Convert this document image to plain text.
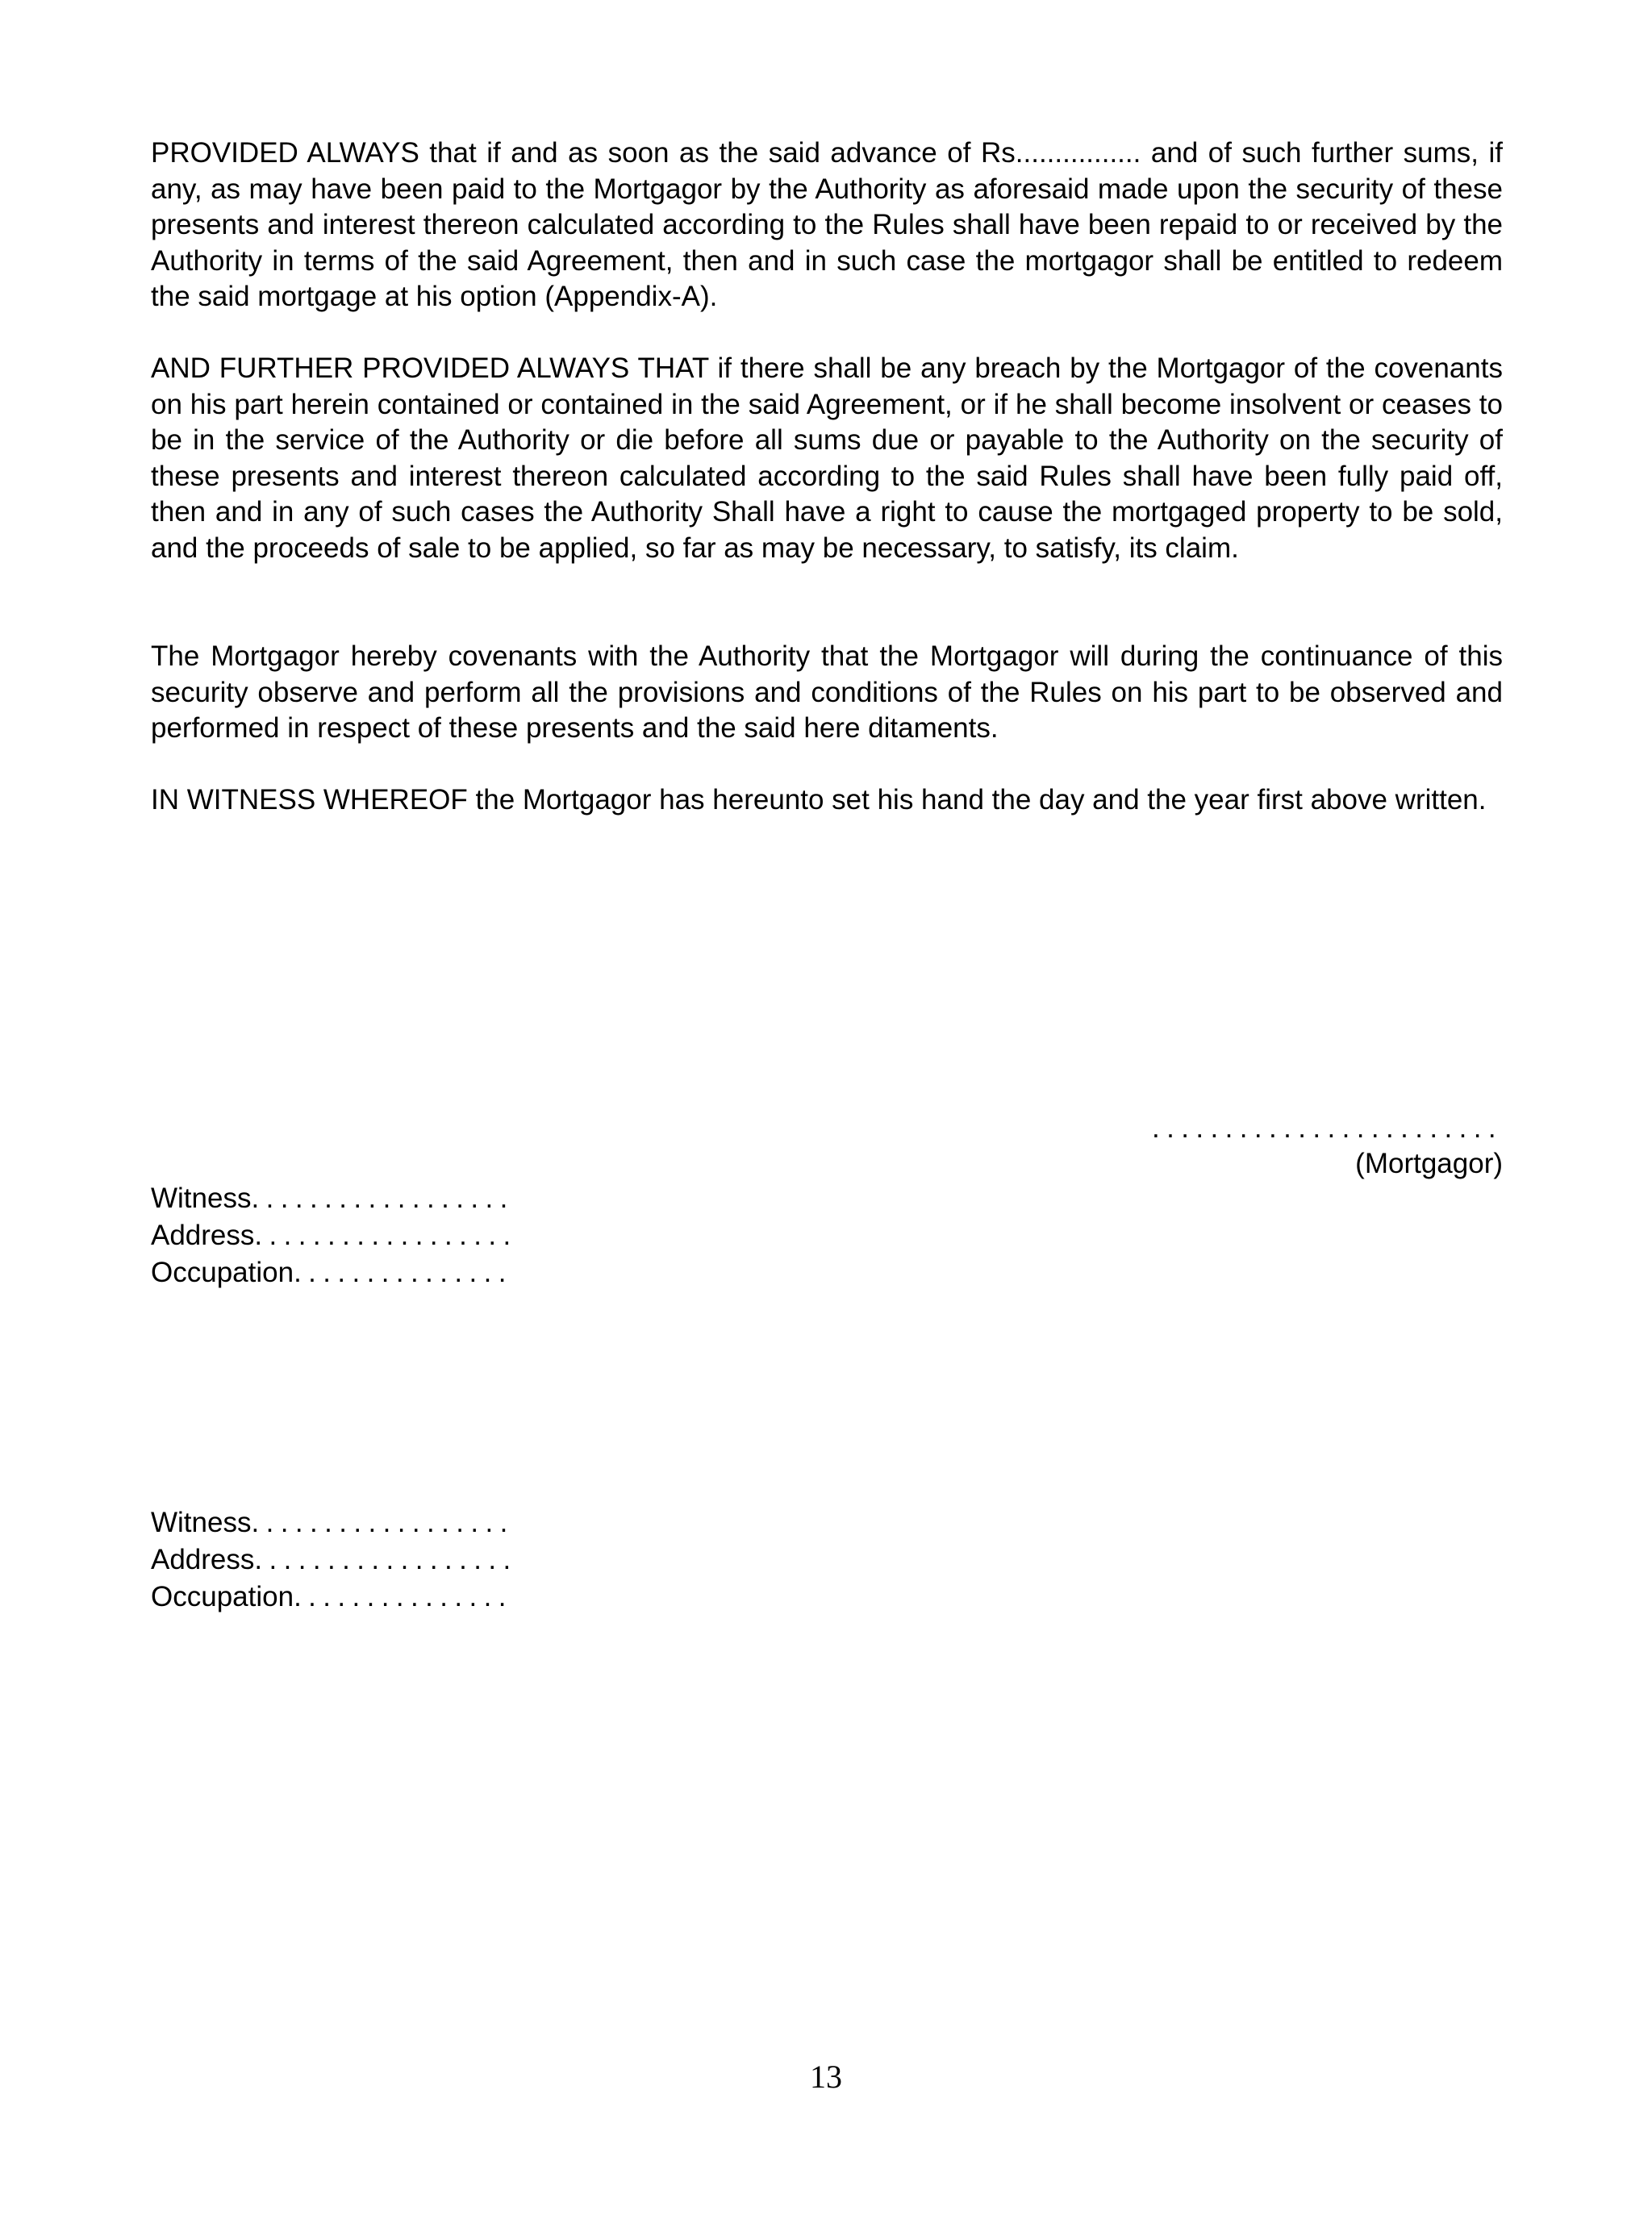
PROVIDED ALWAYS that if and as soon as the said advance of Rs................ and of such further sums, if any, as may have been paid to the Mortgagor by the Authority as aforesaid made upon the security of these presents and interest thereon calculated according to the Rules shall have been repaid to or received by the Authority in terms of the said Agreement, then and in such case the mortgagor shall be entitled to redeem the said mortgage at his option (Appendix-A).

AND FURTHER PROVIDED ALWAYS THAT if there shall be any breach by the Mortgagor of the covenants on his part herein contained or contained in the said Agreement, or if he shall become insolvent or ceases to be in the service of the Authority or die before all sums due or payable to the Authority on the security of these presents and interest thereon calculated according to the said Rules shall have been fully paid off, then and in any of such cases the Authority Shall have a right to cause the mortgaged property to be sold, and the proceeds of sale to be applied, so far as may be necessary, to satisfy, its claim.

The Mortgagor hereby covenants with the Authority that the Mortgagor will during the continuance of this security observe and perform all the provisions and conditions of the Rules on his part to be observed and performed in respect of these presents and the said here ditaments.

IN WITNESS WHEREOF the Mortgagor has hereunto set his hand the day and the year first above written.

........................
(Mortgagor)
Witness..................
Address..................
Occupation...............
Witness..................
Address..................
Occupation...............
13
